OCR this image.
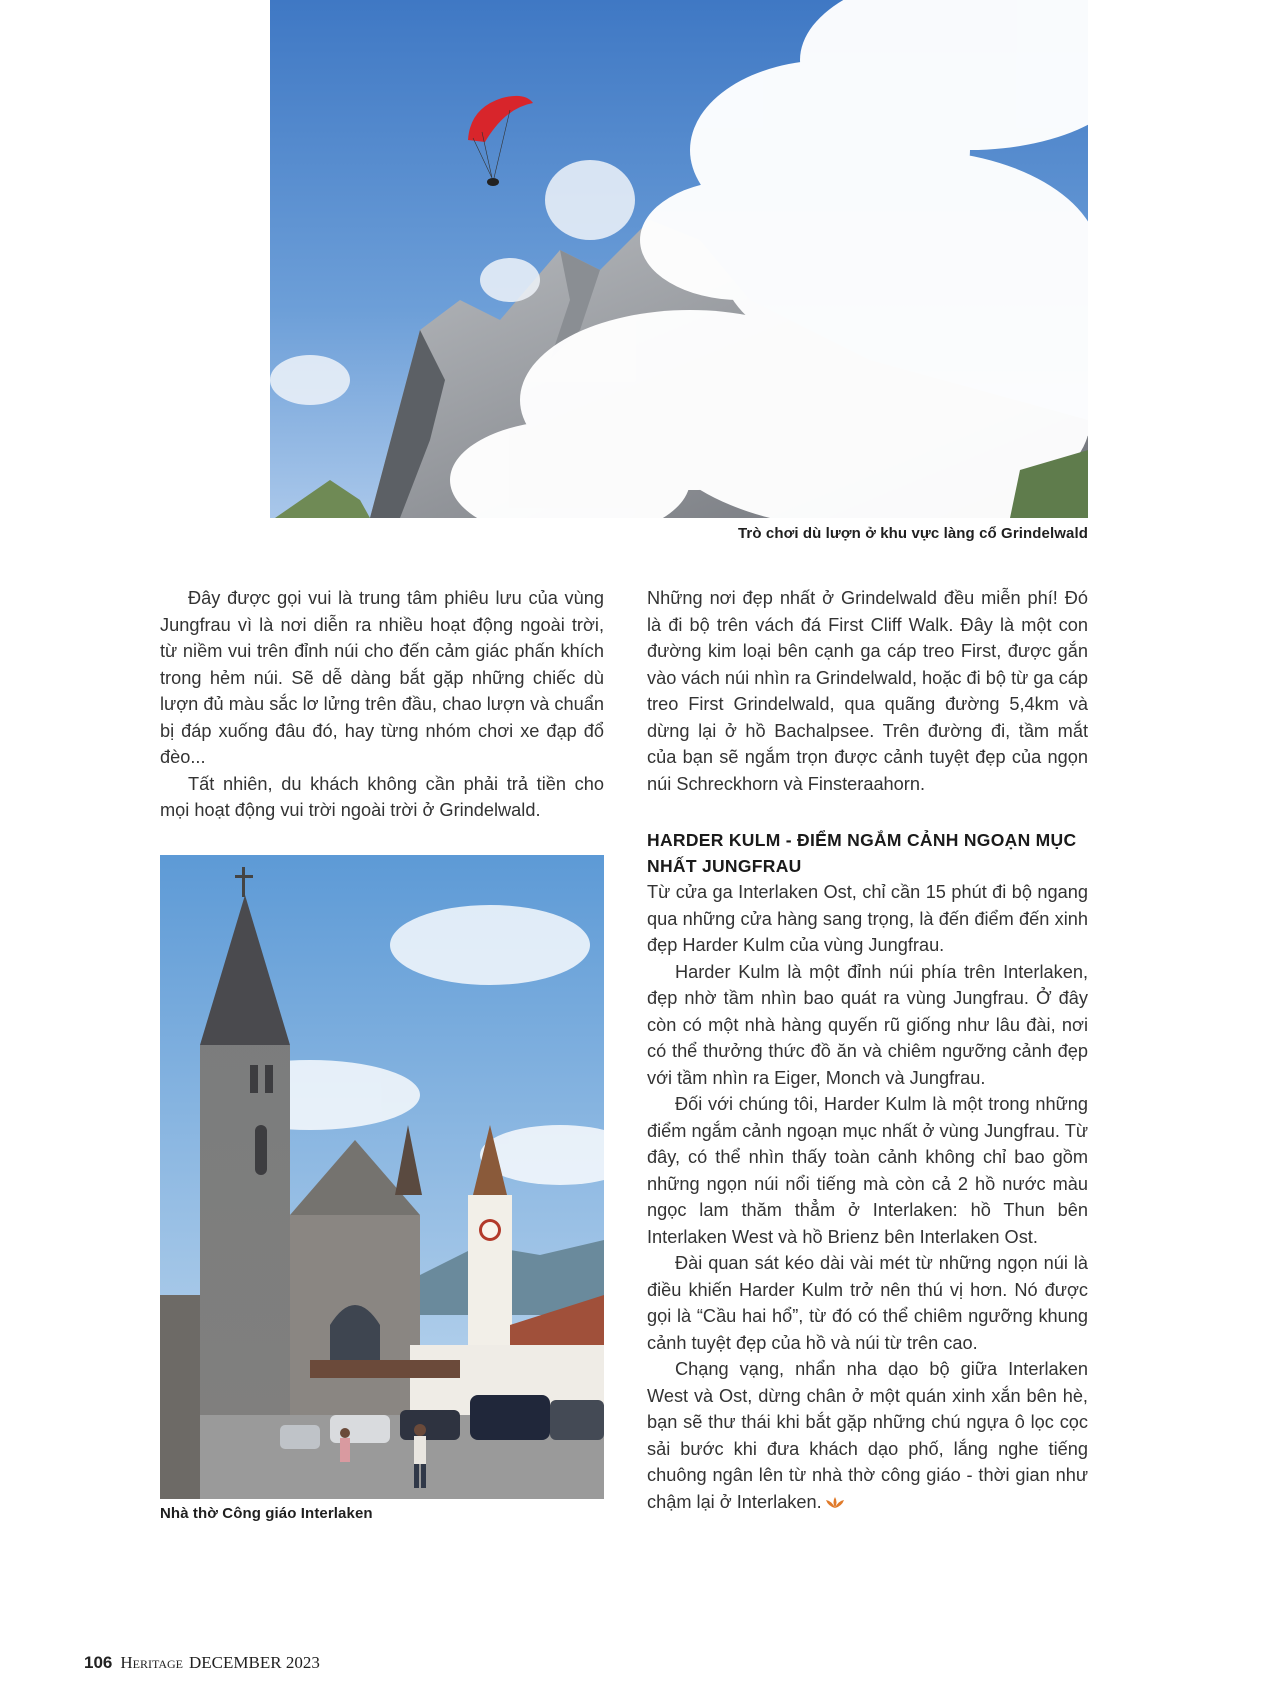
Trò chơi dù lượn ở khu vực làng cổ Grindelwald

Đây được gọi vui là trung tâm phiêu lưu của vùng Jungfrau vì là nơi diễn ra nhiều hoạt động ngoài trời, từ niềm vui trên đỉnh núi cho đến cảm giác phấn khích trong hẻm núi. Sẽ dễ dàng bắt gặp những chiếc dù lượn đủ màu sắc lơ lửng trên đầu, chao lượn và chuẩn bị đáp xuống đâu đó, hay từng nhóm chơi xe đạp đổ đèo...

Tất nhiên, du khách không cần phải trả tiền cho mọi hoạt động vui trời ngoài trời ở Grindelwald.

Nhà thờ Công giáo Interlaken

Những nơi đẹp nhất ở Grindelwald đều miễn phí! Đó là đi bộ trên vách đá First Cliff Walk. Đây là một con đường kim loại bên cạnh ga cáp treo First, được gắn vào vách núi nhìn ra Grindelwald, hoặc đi bộ từ ga cáp treo First Grindelwald, qua quãng đường 5,4km và dừng lại ở hồ Bachalpsee. Trên đường đi, tầm mắt của bạn sẽ ngắm trọn được cảnh tuyệt đẹp của ngọn núi Schreckhorn và Finsteraahorn.

HARDER KULM - ĐIỂM NGẮM CẢNH NGOẠN MỤC NHẤT JUNGFRAU

Từ cửa ga Interlaken Ost, chỉ cần 15 phút đi bộ ngang qua những cửa hàng sang trọng, là đến điểm đến xinh đẹp Harder Kulm của vùng Jungfrau.

Harder Kulm là một đỉnh núi phía trên Interlaken, đẹp nhờ tầm nhìn bao quát ra vùng Jungfrau. Ở đây còn có một nhà hàng quyến rũ giống như lâu đài, nơi có thể thưởng thức đồ ăn và chiêm ngưỡng cảnh đẹp với tầm nhìn ra Eiger, Monch và Jungfrau.

Đối với chúng tôi, Harder Kulm là một trong những điểm ngắm cảnh ngoạn mục nhất ở vùng Jungfrau. Từ đây, có thể nhìn thấy toàn cảnh không chỉ bao gồm những ngọn núi nổi tiếng mà còn cả 2 hồ nước màu ngọc lam thăm thẳm ở Interlaken: hồ Thun bên Interlaken West và hồ Brienz bên Interlaken Ost.

Đài quan sát kéo dài vài mét từ những ngọn núi là điều khiến Harder Kulm trở nên thú vị hơn. Nó được gọi là “Cầu hai hổ”, từ đó có thể chiêm ngưỡng khung cảnh tuyệt đẹp của hồ và núi từ trên cao.

Chạng vạng, nhẩn nha dạo bộ giữa Interlaken West và Ost, dừng chân ở một quán xinh xắn bên hè, bạn sẽ thư thái khi bắt gặp những chú ngựa ô lọc cọc sải bước khi đưa khách dạo phố, lắng nghe tiếng chuông ngân lên từ nhà thờ công giáo - thời gian như chậm lại ở Interlaken.

106 Heritage DECEMBER 2023
